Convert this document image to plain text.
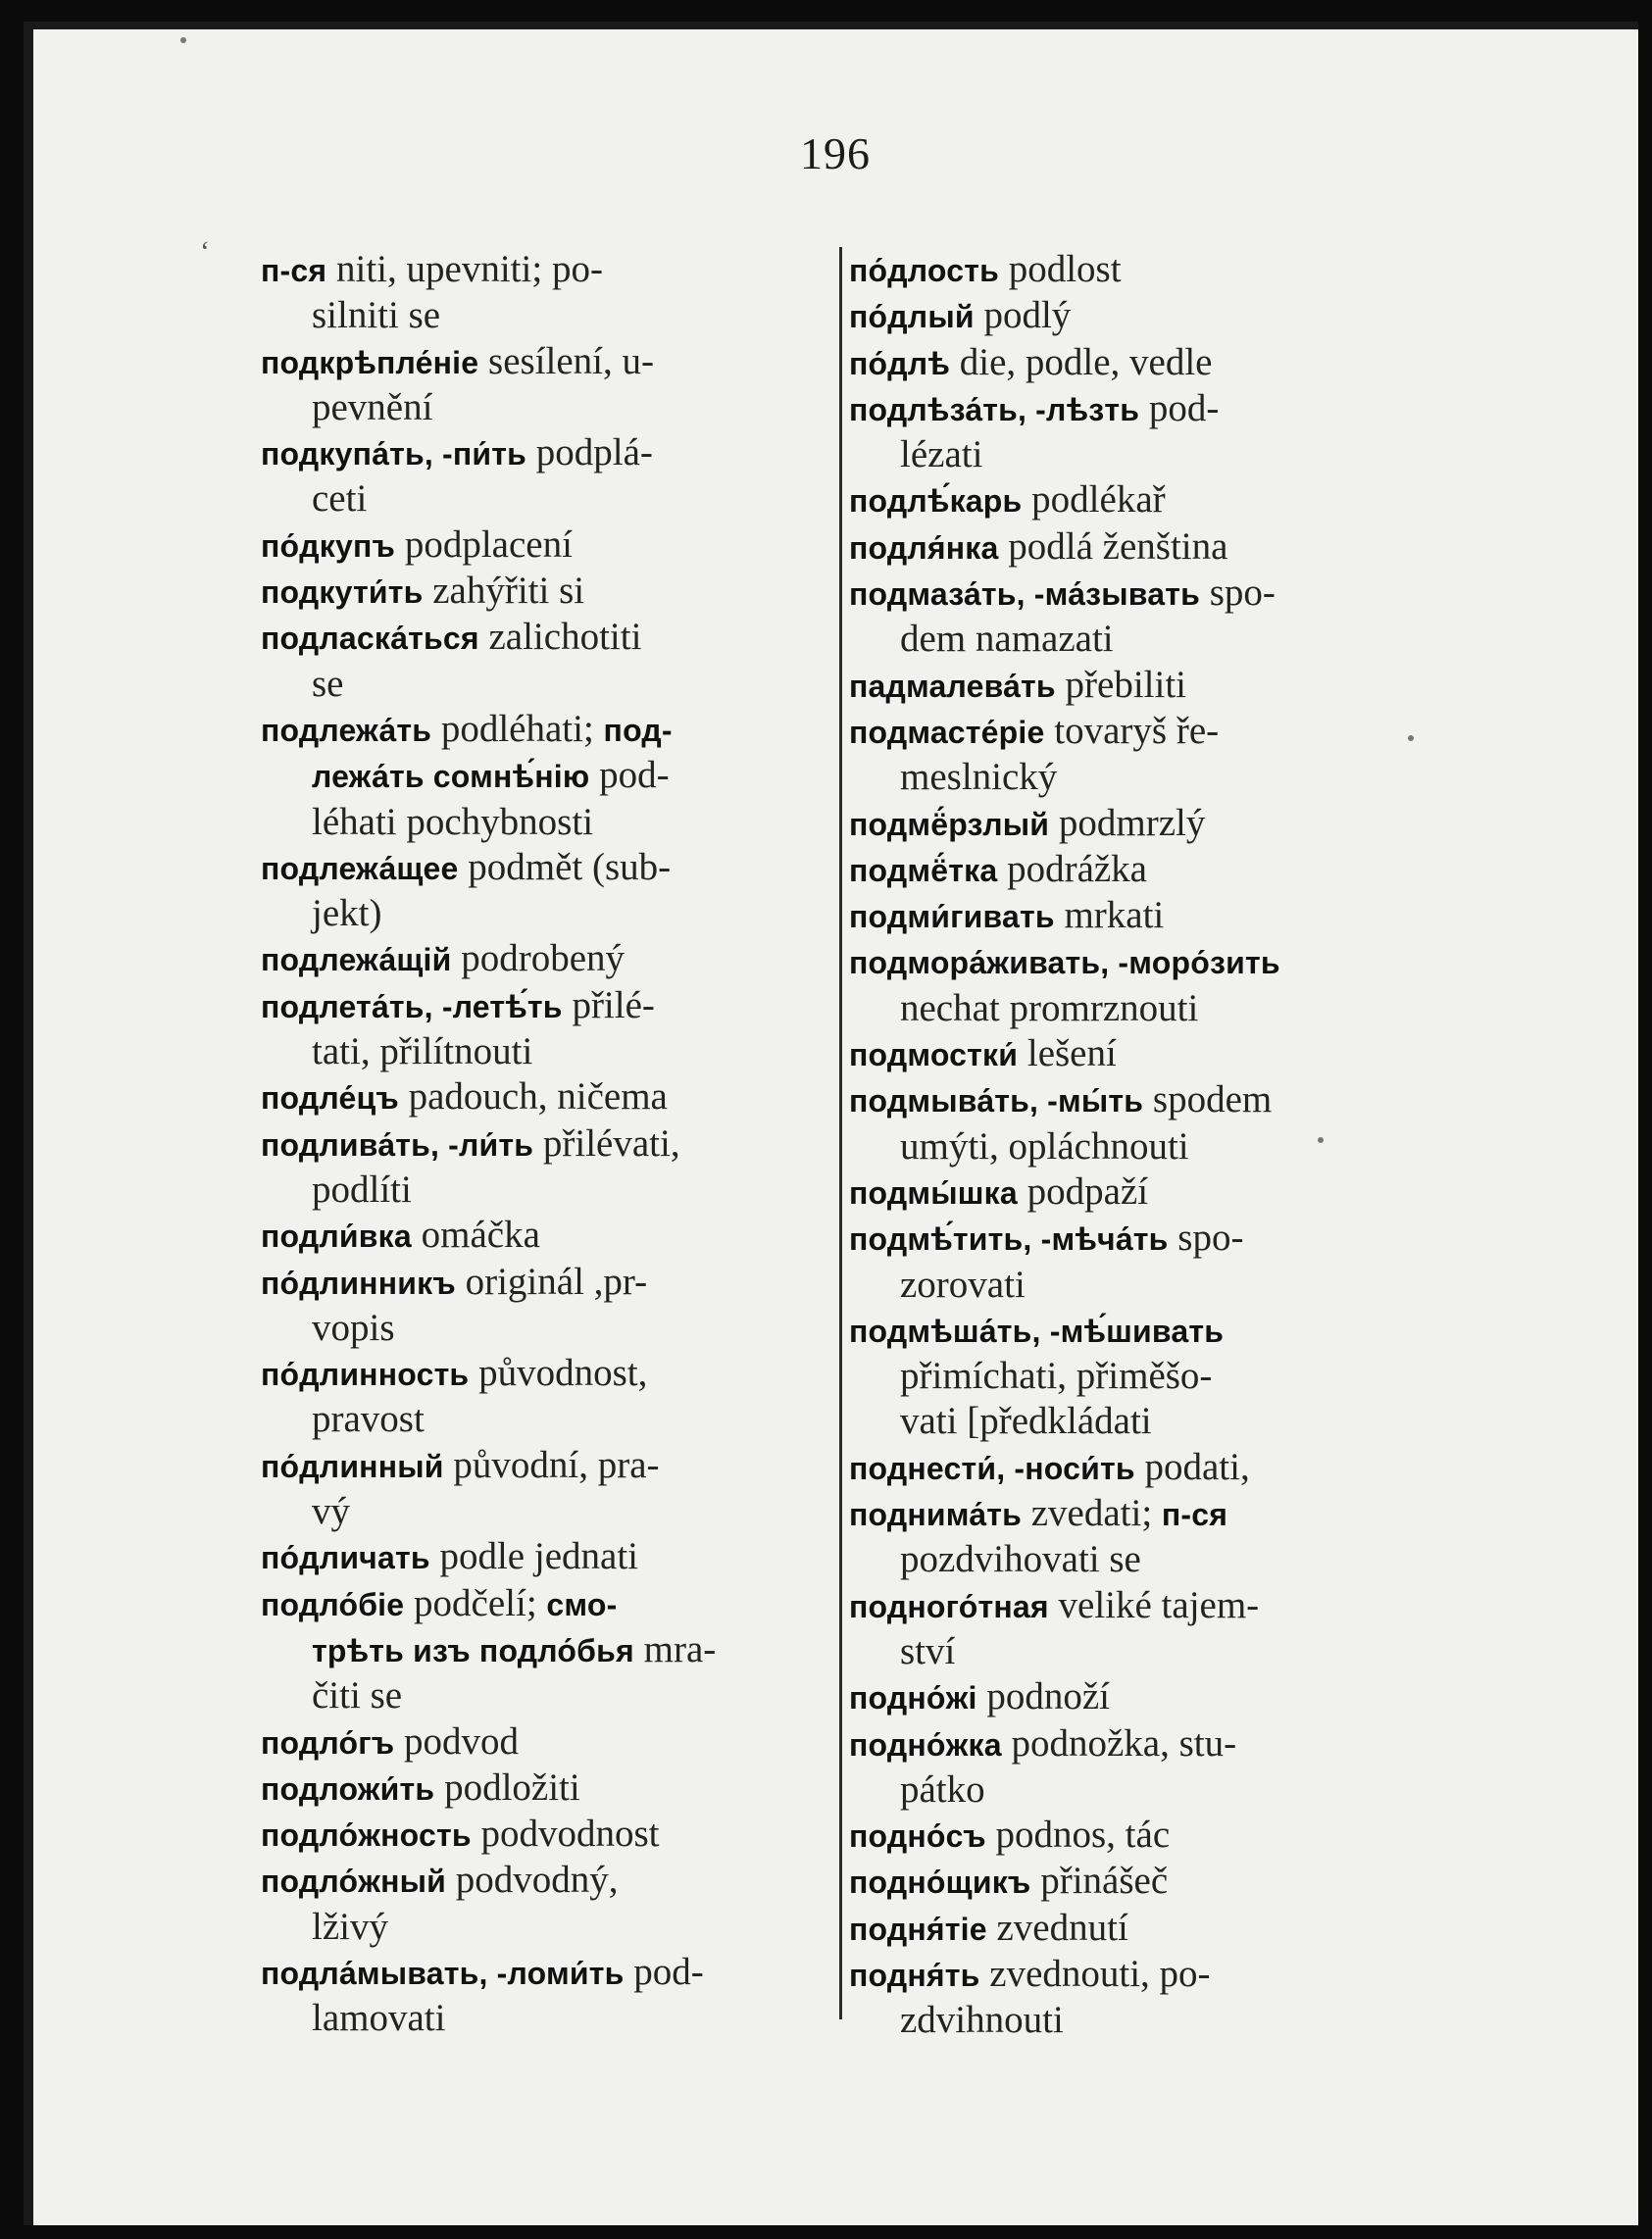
196
п-ся niti, upevniti; po-
silniti se
подкрѣпле́ніе sesílení, u-
pevnění
подкупа́ть, -пи́ть podplá-
ceti
по́дкупъ podplacení
подкути́ть zahýřiti si
подласка́ться zalichotiti
se
подлежа́ть podléhati; под-
лежа́ть сомнѣ́нію pod-
léhati pochybnosti
подлежа́щее podmět (sub-
jekt)
подлежа́щій podrobený
подлета́ть, -летѣ́ть přilé-
tati, přilítnouti
подле́цъ padouch, ničema
подлива́ть, -ли́ть přilévati,
podlíti
подли́вка omáčka
по́длинникъ originál ,pr-
vopis
по́длинность původnost,
pravost
по́длинный původní, pra-
vý
по́дличать podle jednati
подло́біе podčelí; смо-
трѣть изъ подло́бья mra-
čiti se
подло́гъ podvod
подложи́ть podložiti
подло́жность podvodnost
подло́жный podvodný,
lživý
подла́мывать, -ломи́ть pod-
lamovati
по́длость podlost
по́длый podlý
по́длѣ die, podle, vedle
подлѣза́ть, -лѣзть pod-
lézati
подлѣ́карь podlékař
подля́нка podlá ženština
подмаза́ть, -ма́зывать spo-
dem namazati
падмалева́ть přebiliti
подмасте́ріе tovaryš ře-
meslnický
подмё́рзлый podmrzlý
подмё́тка podrážka
подми́гивать mrkati
подмора́живать, -моро́зить
nechat promrznouti
подмостки́ lešení
подмыва́ть, -мы́ть spodem
umýti, opláchnouti
подмы́шка podpaží
подмѣ́тить, -мѣча́ть spo-
zorovati
подмѣша́ть, -мѣ́шивать
přimíchati, přiměšo-
vati [předkládati
поднести́, -носи́ть podati,
поднима́ть zvedati; п-ся
pozdvihovati se
подного́тная veliké tajem-
ství
подно́жі podnoží
подно́жка podnožka, stu-
pátko
подно́съ podnos, tác
подно́щикъ přinášeč
подня́тіе zvednutí
подня́ть zvednouti, po-
zdvihnouti
‘
